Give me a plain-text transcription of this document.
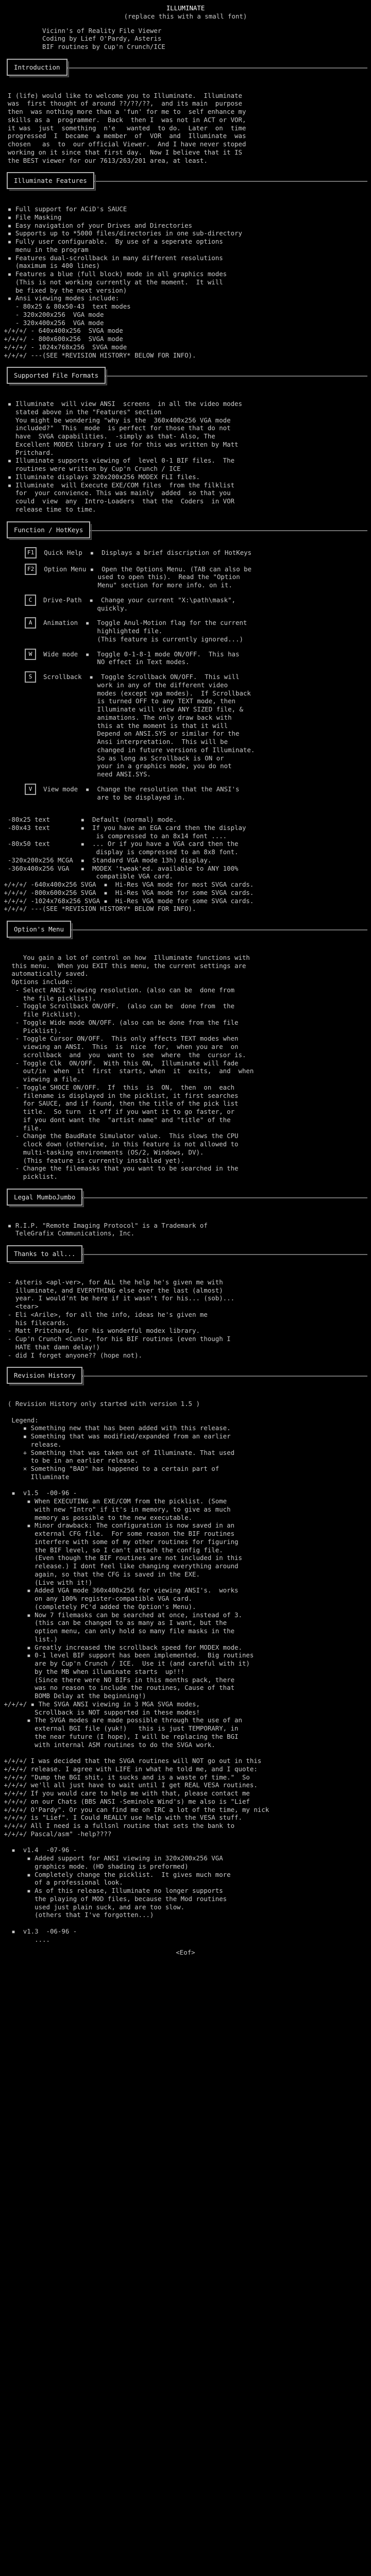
ILLUMINATE
(replace this with a small font)
Vicinn's of Reality File Viewer
Coding by Lief O'Pardy, Asteris
BIF routines by Cup'n Crunch/ICE
Introduction

I (life) would like to welcome you to Illuminate.  Illuminate
was  first thought of around ??/??/??,  and its main  purpose
then  was nothing more than a 'fun' for me to  self enhance my
skills as a  programmer.  Back  then I  was not in ACT or VOR,
it was  just  something  n'e   wanted  to do.  Later  on  time
progressed  I  became  a member  of  VOR  and  Illuminate  was
chosen   as  to  our official Viewer.  And I have never stoped
working on it since that first day.  Now I believe that it IS
the BEST viewer for our 7613/263/201 area, at least.
Illuminate Features

▪ Full support for ACiD's SAUCE
▪ File Masking
▪ Easy navigation of your Drives and Directories
▪ Supports up to *5000 files/directories in one sub-directory
▪ Fully user configurable.  By use of a seperate options
menu in the program
▪ Features dual-scrollback in many different resolutions
(maximum is 400 lines)
▪ Features a blue (full block) mode in all graphics modes
(This is not working currently at the moment.  It will
be fixed by the next version)
▪ Ansi viewing modes include:
- 80x25 & 80x50-43  text modes
- 320x200x256  VGA mode
- 320x400x256  VGA mode
+/+/+/ - 640x400x256  SVGA mode
+/+/+/ - 800x600x256  SVGA mode
+/+/+/ - 1024x768x256  SVGA mode
+/+/+/ ---(SEE *REVISION HISTORY* BELOW FOR INFO).
Supported File Formats

▪ Illuminate  will view ANSI  screens  in all the video modes
stated above in the "Features" section
You might be wondering "why is the  360x400x256 VGA mode
included?"  This  mode  is perfect for those that do not
have  SVGA capabilities.  -simply as that- Also, The
Excellent MODEX library I use for this was written by Matt
Pritchard.
▪ Illuminate supports viewing of  level 0-1 BIF files.  The
routines were written by Cup'n Crunch / ICE
▪ Illuminate displays 320x200x256 MODEX FLI files.
▪ Illuminate  will Execute EXE/COM files  from the filklist
for  your convience. This was mainly  added  so that you
could  view  any  Intro-Loaders  that the  Coders  in VOR
release time to time.
Function / HotKeys
F1	Quick Help  ▪  Displays a brief discription of HotKeys
F2	Option Menu ▪  Open the Options Menu. (TAB can also be
used to open this).  Read the "Option
Menu" section for more info. on it.
C	Drive-Path  ▪  Change your current "X:\path\mask",
quickly.
A	Animation  ▪  Toggle Anul-Motion flag for the current
highlighted file.
(This feature is currently ignored...)
W	Wide mode  ▪  Toggle 0-1-8-1 mode ON/OFF.  This has
NO effect in Text modes.
S	Scrollback  ▪  Toggle Scrollback ON/OFF.  This will
work in any of the different video
modes (except vga modes).  If Scrollback
is turned OFF to any TEXT mode, then
Illuminate will view ANY SIZED file, &
animations. The only draw back with
this at the moment is that it will
Depend on ANSI.SYS or similar for the
Ansi interpretation.  This will be
changed in future versions of Illuminate.
So as long as Scrollback is ON or
your in a graphics mode, you do not
need ANSI.SYS.
V	View mode  ▪  Change the resolution that the ANSI's
are to be displayed in.

-80x25 text        ▪  Default (normal) mode.
-80x43 text        ▪  If you have an EGA card then the display
is compressed to an 8x14 font ....
-80x50 text        ▪  ... Or if you have a VGA card then the
display is compressed to an 8x8 font.
-320x200x256 MCGA  ▪  Standard VGA mode 13h) display.
-360x400x256 VGA   ▪  MODEX 'tweak'ed. available to ANY 100%
compatible VGA card.
+/+/+/ -640x400x256 SVGA  ▪  Hi-Res VGA mode for most SVGA cards.
+/+/+/ -800x600x256 SVGA  ▪  Hi-Res VGA mode for some SVGA cards.
+/+/+/ -1024x768x256 SVGA ▪  Hi-Res VGA mode for some SVGA cards.
+/+/+/ ---(SEE *REVISION HISTORY* BELOW FOR INFO).
Option's Menu

You gain a lot of control on how  Illuminate functions with
this menu.  When you EXIT this menu, the current settings are
automatically saved.
Options include:
- Select ANSI viewing resolution. (also can be  done from
the file picklist).
- Toggle Scrollback ON/OFF.  (also can be  done from  the
file Picklist).
- Toggle Wide mode ON/OFF. (also can be done from the file
Picklist).
- Toggle Cursor ON/OFF.  This only affects TEXT modes when
viewing an ANSI.  This  is  nice  for,  when you are  on
scrollback  and  you  want to  see  where  the  cursor is.
- Toggle Clk  ON/OFF.  With this ON,  Illuminate will fade
out/in  when  it  first  starts, when  it  exits,  and  when
viewing a file.
- Toggle SHOCE ON/OFF.  If  this  is  ON,  then  on  each
filename is displayed in the picklist, it first searches
for SAUCE, and if found, then the title of the pick list
title.  So turn  it off if you want it to go faster, or
if you dont want the  "artist name" and "title" of the
file.
- Change the BaudRate Simulator value.  This slows the CPU
clock down (otherwise, in this feature is not allowed to
multi-tasking environments (OS/2, Windows, DV).
(This feature is currently installed yet).
- Change the filemasks that you want to be searched in the
picklist.
Legal MumboJumbo

▪ R.I.P. "Remote Imaging Protocol" is a Trademark of
TeleGrafix Communications, Inc.
Thanks to all...

- Asteris <apl-ver>, for ALL the help he's given me with
illuminate, and EVERYTHING else over the last (almost)
year. I would'nt be here if it wasn't for his... (sob)...
<tear>
- Eli <Arile>, for all the info, ideas he's given me
his filecards.
- Matt Pritchard, for his wonderful modex library.
- Cup'n Crunch <Cuni>, for his BIF routines (even though I
HATE that damn delay!)
- did I forget anyone?? (hope not).
Revision History

( Revision History only started with version 1.5 )

Legend:
▪ Something new that has been added with this release.
▪ Something that was modified/expanded from an earlier
release.
+ Something that was taken out of Illuminate. That used
to be in an earlier release.
× Something "BAD" has happened to a certain part of
Illuminate

▪  v1.5  -00-96 -
▪ When EXECUTING an EXE/COM from the picklist. (Some
with new "Intro" if it's in memory, to give as much
memory as possible to the new executable.
▪ Minor drawback: The configuration is now saved in an
external CFG file.  For some reason the BIF routines
interfere with some of my other routines for figuring
the BIF level, so I can't attach the config file.
(Even though the BIF routines are not included in this
release.) I dont feel like changing everything around
again, so that the CFG is saved in the EXE.
(Live with it!)
▪ Added VGA mode 360x400x256 for viewing ANSI's.  works
on any 100% register-compatible VGA card.
(completely PC'd added the Option's Menu).
▪ Now 7 filemasks can be searched at once, instead of 3.
(this can be changed to as many as I want, but the
option menu, can only hold so many file masks in the
list.)
▪ Greatly increased the scrollback speed for MODEX mode.
▪ 0-1 level BIF support has been implemented.  Big routines
are by Cup'n Crunch / ICE.  Use it (and careful with it)
by the MB when illuminate starts  up!!!
(Since there were NO BIFs in this months pack, there
was no reason to include the routines, Cause of that
BOMB Delay at the beginning!)
+/+/+/ ▪ The SVGA ANSI viewing in 3 MGA SVGA modes,
Scrollback is NOT supported in these modes!
▪ The SVGA modes are made possible through the use of an
external BGI file (yuk!)   this is just TEMPORARY, in
the near future (I hope), I will be replacing the BGI
with internal ASM routines to do the SVGA work.

+/+/+/ I was decided that the SVGA routines will NOT go out in this
+/+/+/ release. I agree with LIFE in what he told me, and I quote:
+/+/+/ "Dump the BGI shit, it sucks and is a waste of time."  So
+/+/+/ we'll all just have to wait until I get REAL VESA routines.
+/+/+/ If you would care to help me with that, please contact me
+/+/+/ on our Chats (BBS ANSI -Seminole Wind's) me also is "Lief
+/+/+/ O'Pardy". Or you can find me on IRC a lot of the time, my nick
+/+/+/ is "Lief". I Could REALLY use help with the VESA stuff.
+/+/+/ All I need is a fullsnl routine that sets the bank to
+/+/+/ Pascal/asm" -help????

▪  v1.4  -07-96 -
▪ Added support for ANSI viewing in 320x200x256 VGA
graphics mode. (HD shading is preformed)
▪ Completely change the picklist.  It gives much more
of a professional look.
▪ As of this release, Illuminate no longer supports
the playing of MOD files, because the Mod routines
used just plain suck, and are too slow.
(others that I've forgotten...)

▪  v1.3  -06-96 -
....
<Eof>
